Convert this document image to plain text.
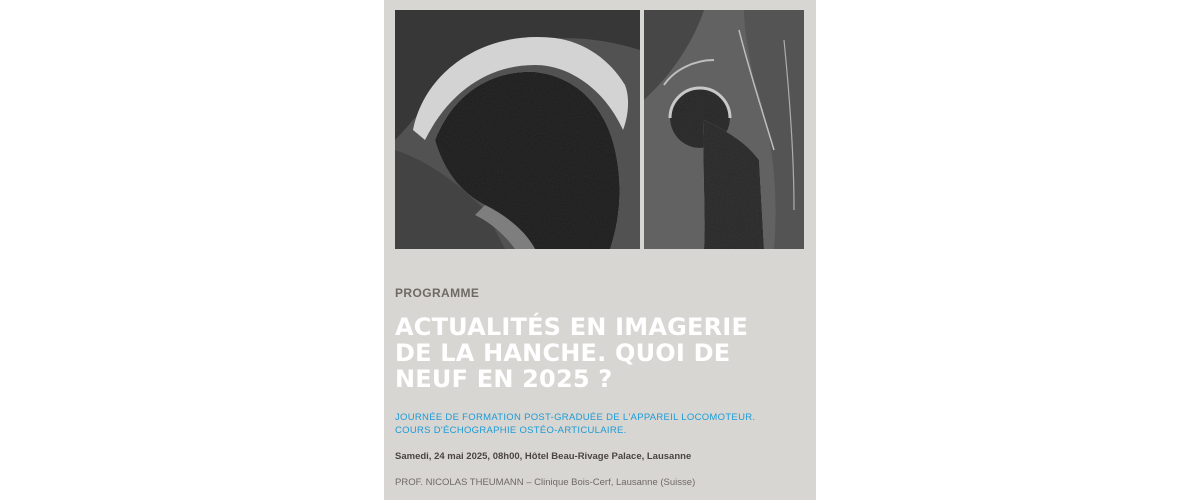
PROGRAMME

ACTUALITÉS EN IMAGERIE
DE LA HANCHE. QUOI DE
NEUF EN 2025 ?

JOURNÉE DE FORMATION POST-GRADUÉE DE L'APPAREIL LOCOMOTEUR.
COURS D'ÉCHOGRAPHIE OSTÉO-ARTICULAIRE.

Samedi, 24 mai 2025, 08h00, Hôtel Beau-Rivage Palace, Lausanne

PROF. NICOLAS THEUMANN – Clinique Bois-Cerf, Lausanne (Suisse)
